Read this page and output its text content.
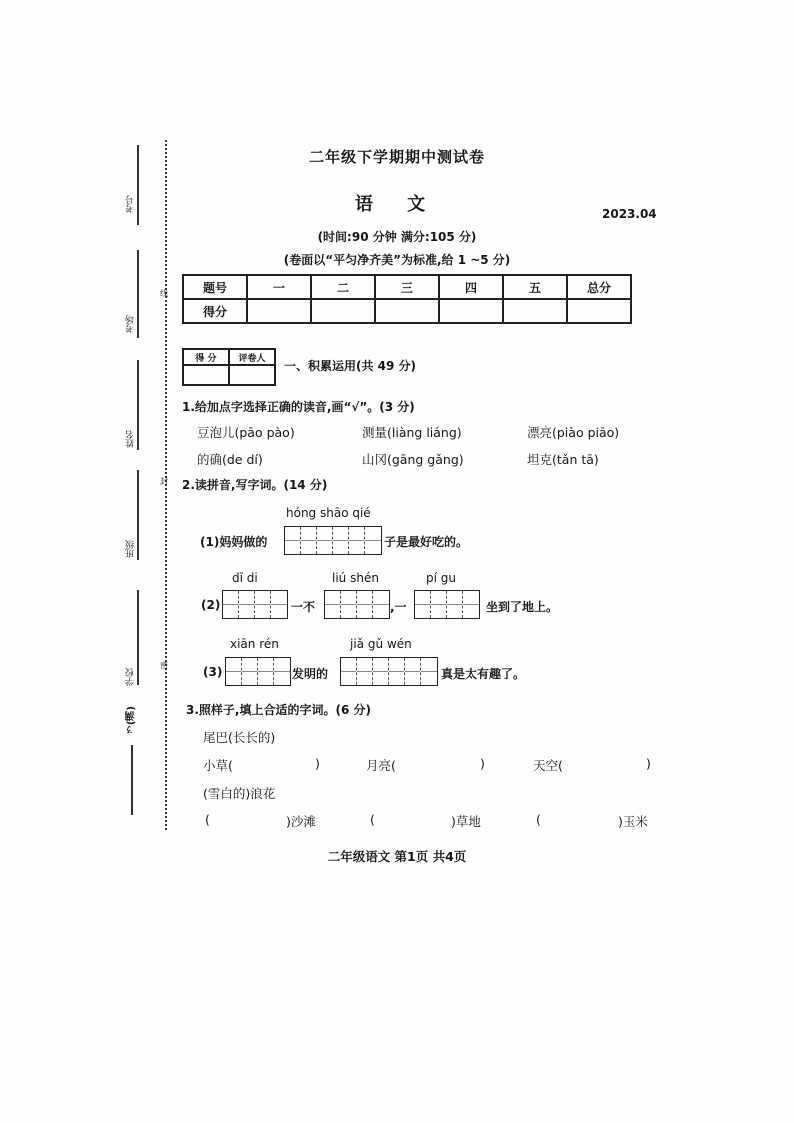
线
封
密
考号
考场
姓名
班级
学校
ㄋ(满)
二年级下学期期中测试卷
语 文	2023.04
(时间:90 分钟 满分:105 分)
(卷面以“平匀净齐美”为标准,给 1 ~5 分)
题号	一	二	三	四	五	总分
得分						
得 分	评卷人

一、积累运用(共 49 分)
1.给加点字选择正确的读音,画“√”。(3 分)
豆泡儿(pāo pào)	测量(liàng liáng)	漂亮(piào piāo)
的确(de dí)	山冈(gāng gǎng)	坦克(tǎn tā)
2.读拼音,写字词。(14 分)
hóng shāo qié
(1)妈妈做的	子是最好吃的。
dī di	liú shén	pí gu
(2)	一不	,一	坐到了地上。
xiān rén	jiǎ gǔ wén
(3)	发明的	真是太有趣了。
3.照样子,填上合适的字词。(6 分)
尾巴(长长的)
小草(	)	月亮(	)	天空(	)
(雪白的)浪花
(	)沙滩	(	)草地	(	)玉米
二年级语文 第1页 共4页
